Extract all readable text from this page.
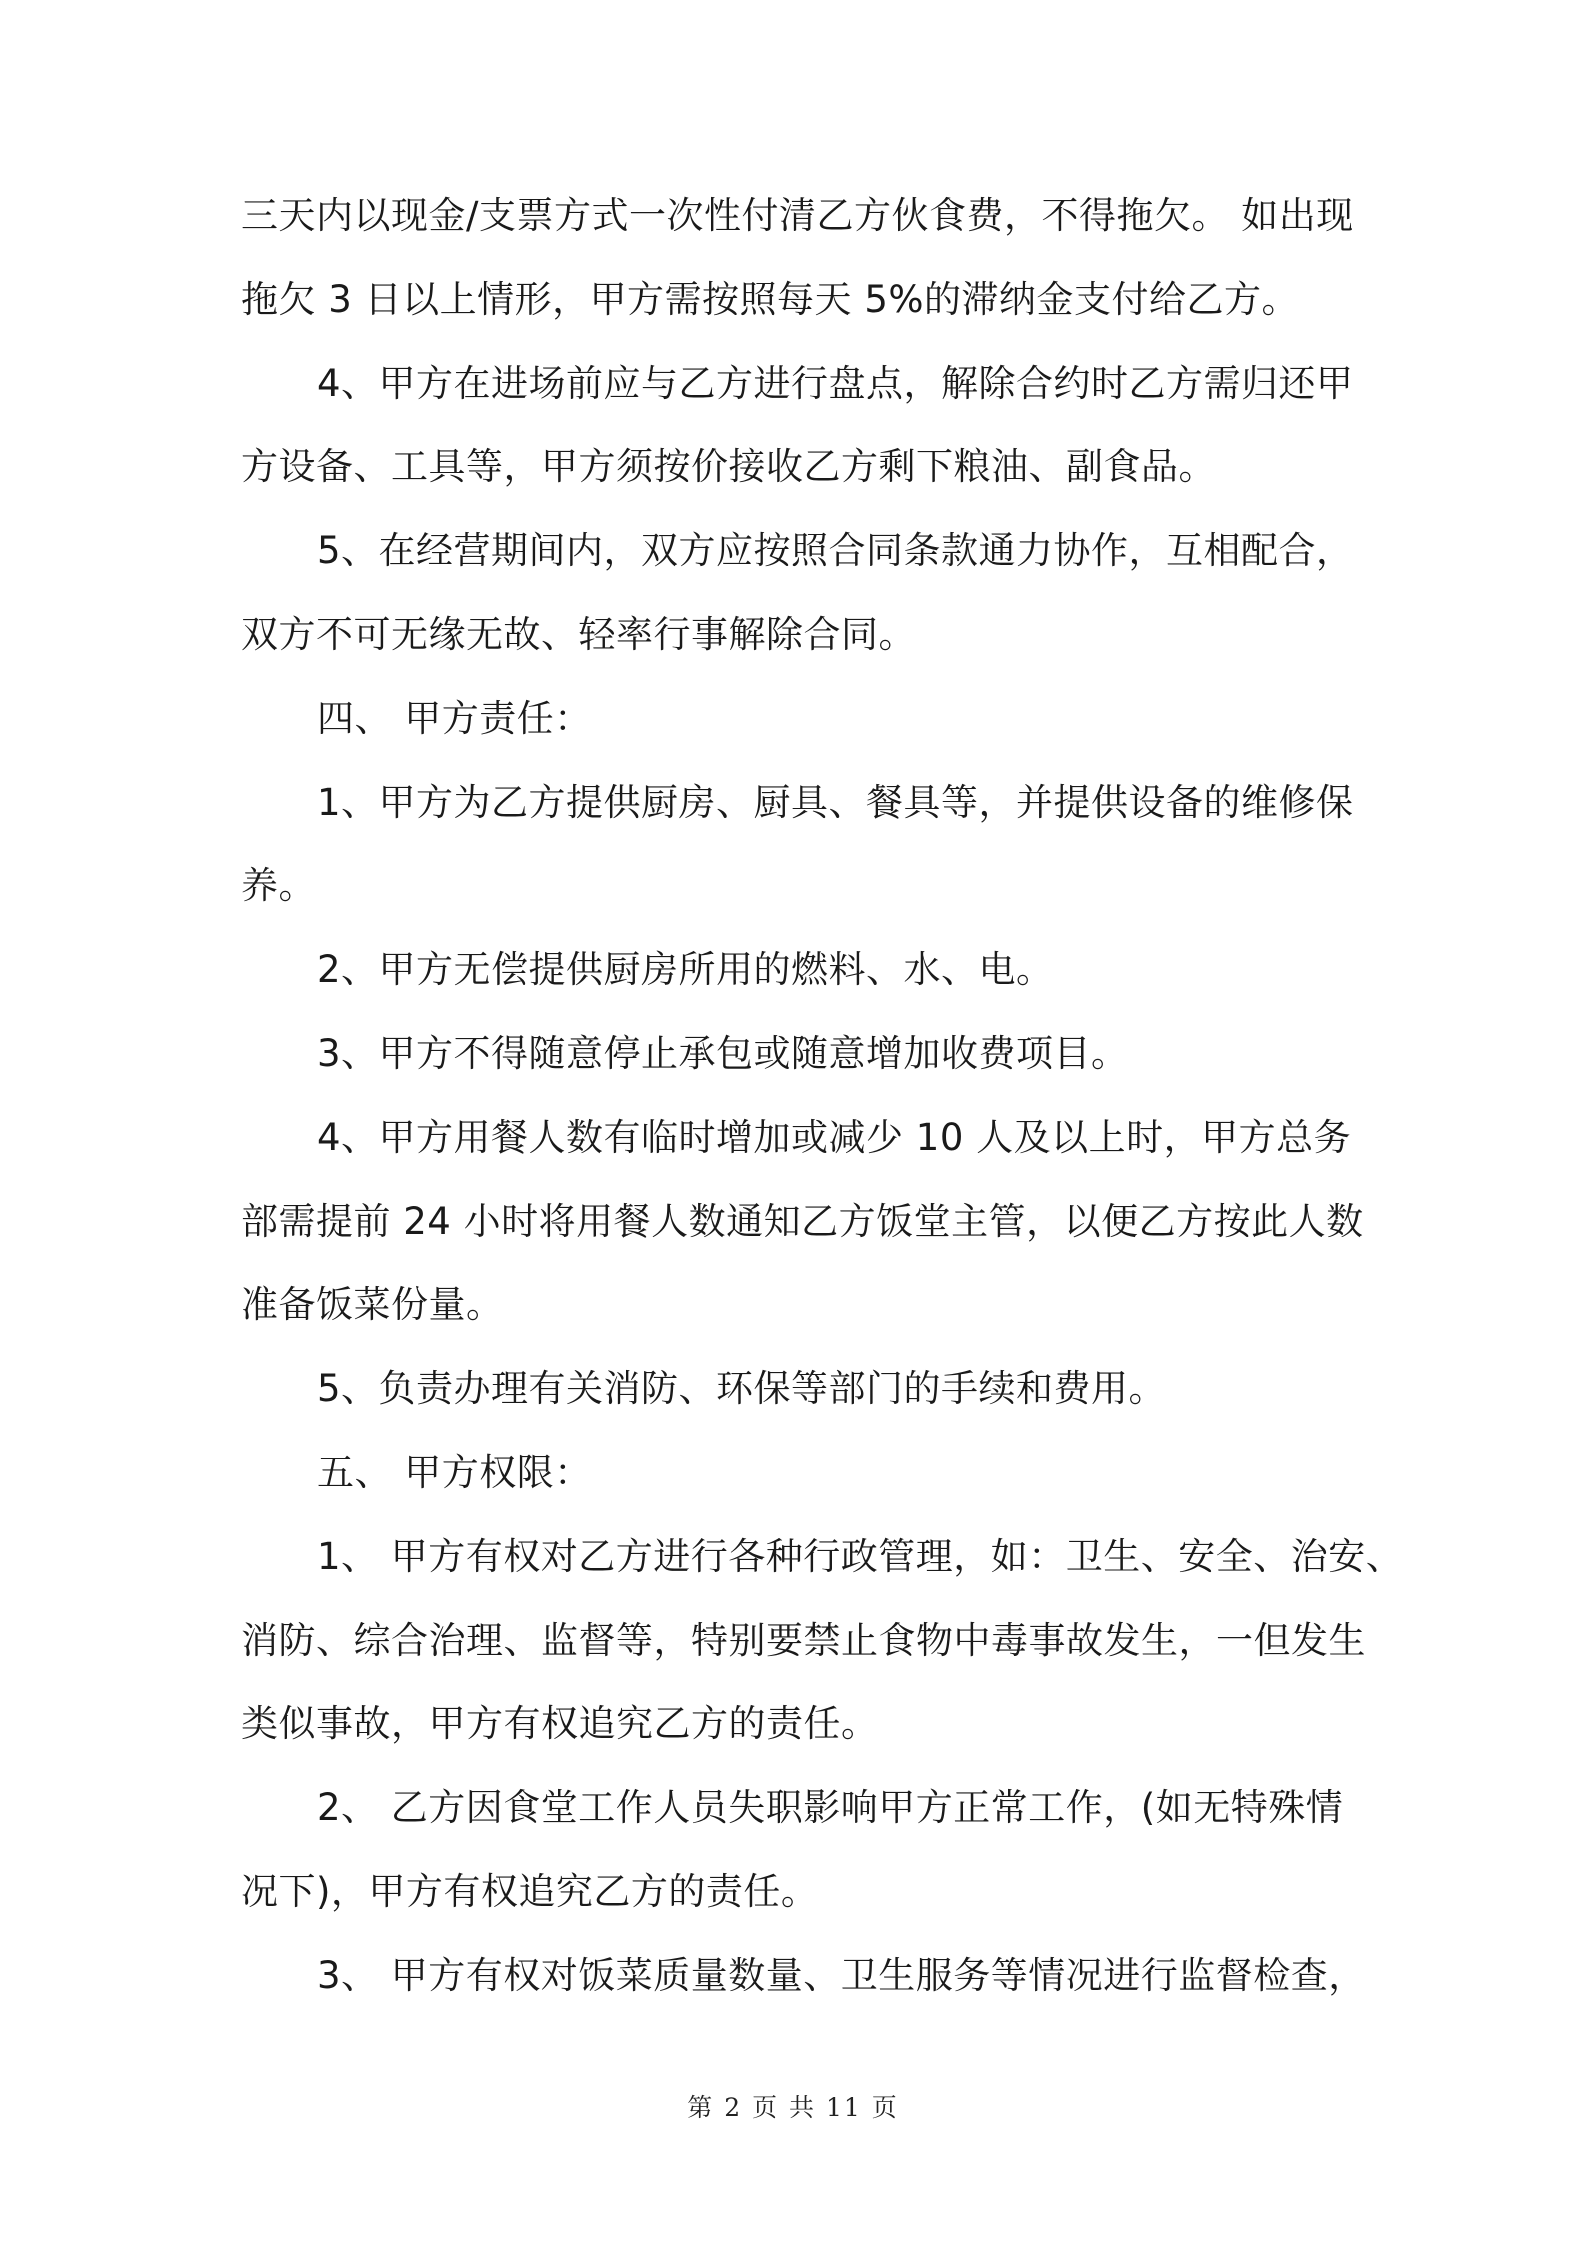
三天内以现金/支票方式一次性付清乙方伙食费，不得拖欠。 如出现
拖欠 3 日以上情形，甲方需按照每天 5%的滞纳金支付给乙方。
4、甲方在进场前应与乙方进行盘点，解除合约时乙方需归还甲
方设备、工具等，甲方须按价接收乙方剩下粮油、副食品。
5、在经营期间内，双方应按照合同条款通力协作，互相配合，
双方不可无缘无故、轻率行事解除合同。
四、 甲方责任：
1、甲方为乙方提供厨房、厨具、餐具等，并提供设备的维修保
养。
2、甲方无偿提供厨房所用的燃料、水、电。
3、甲方不得随意停止承包或随意增加收费项目。
4、甲方用餐人数有临时增加或减少 10 人及以上时，甲方总务
部需提前 24 小时将用餐人数通知乙方饭堂主管，以便乙方按此人数
准备饭菜份量。
5、负责办理有关消防、环保等部门的手续和费用。
五、 甲方权限：
1、 甲方有权对乙方进行各种行政管理，如：卫生、安全、治安、
消防、综合治理、监督等，特别要禁止食物中毒事故发生，一但发生
类似事故，甲方有权追究乙方的责任。
2、 乙方因食堂工作人员失职影响甲方正常工作，(如无特殊情
况下)，甲方有权追究乙方的责任。
3、 甲方有权对饭菜质量数量、卫生服务等情况进行监督检查，
第 2 页 共 11 页
